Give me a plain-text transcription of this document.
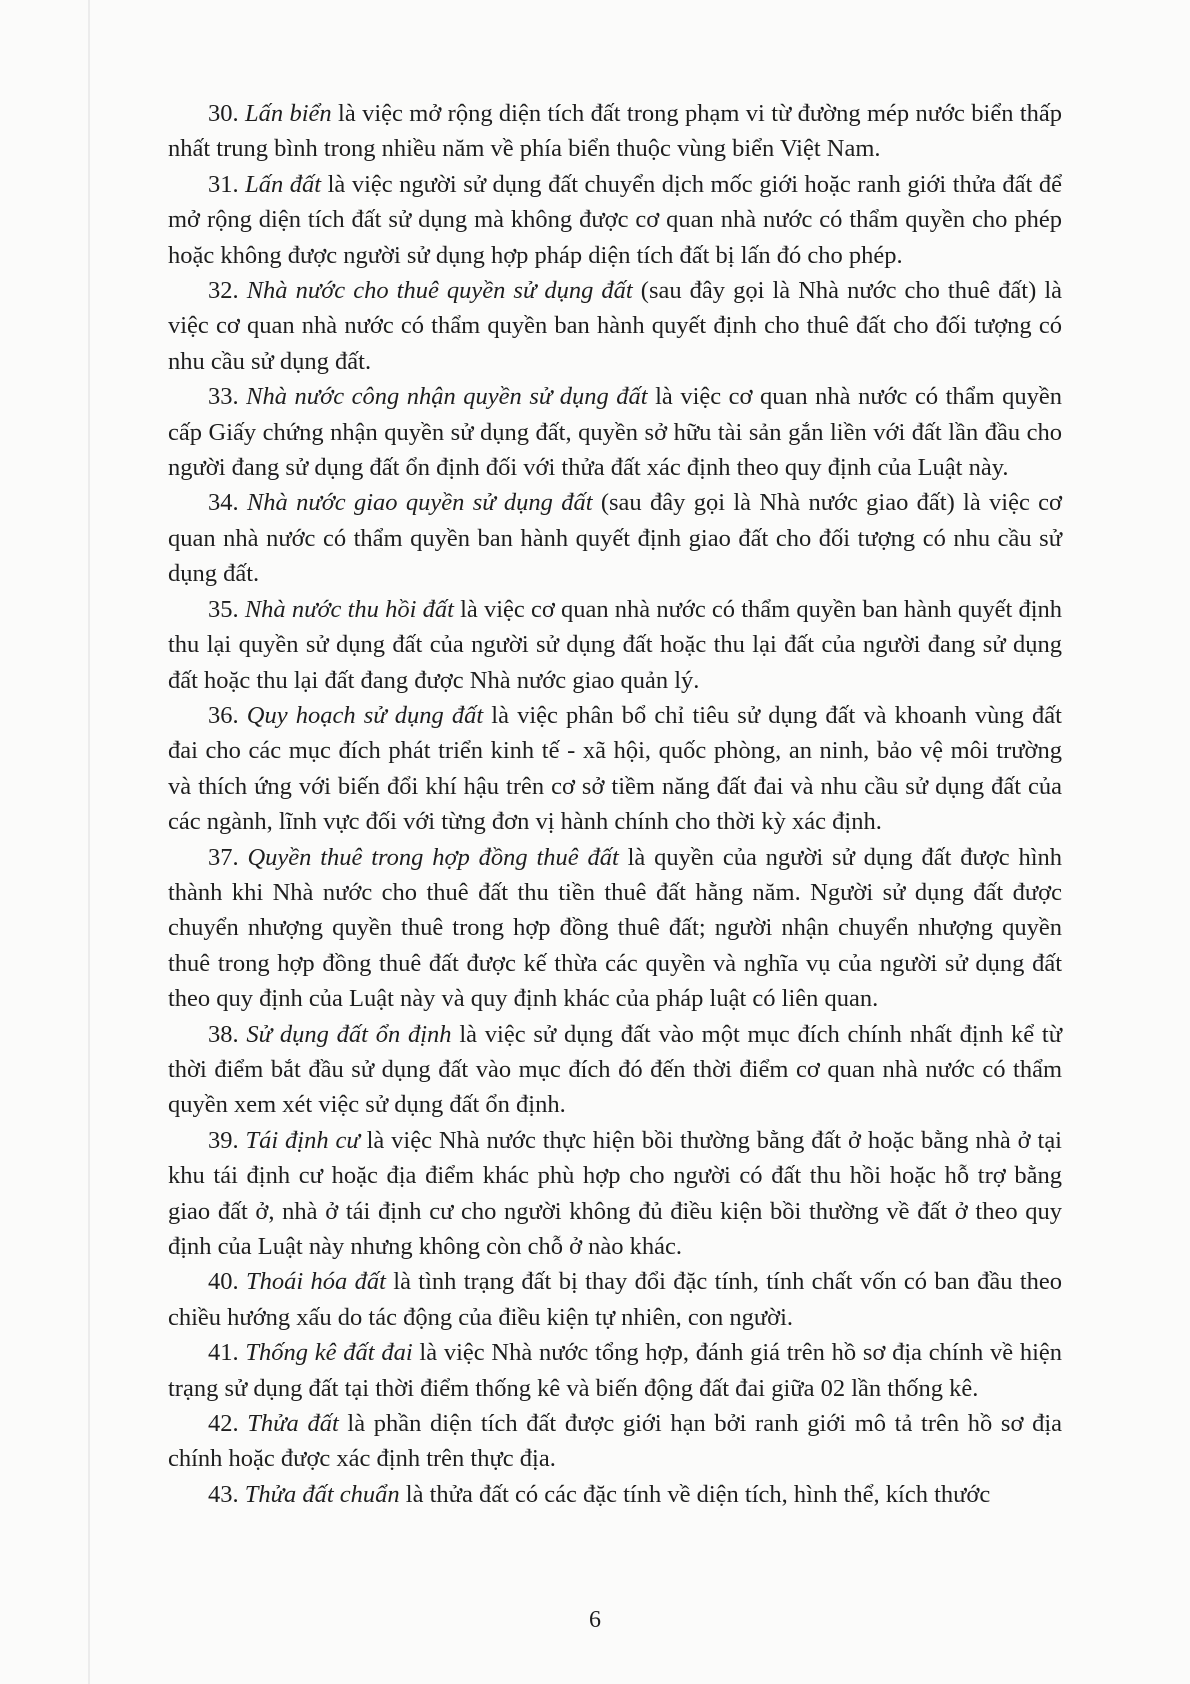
30. Lấn biển là việc mở rộng diện tích đất trong phạm vi từ đường mép nước biển thấp nhất trung bình trong nhiều năm về phía biển thuộc vùng biển Việt Nam.

31. Lấn đất là việc người sử dụng đất chuyển dịch mốc giới hoặc ranh giới thửa đất để mở rộng diện tích đất sử dụng mà không được cơ quan nhà nước có thẩm quyền cho phép hoặc không được người sử dụng hợp pháp diện tích đất bị lấn đó cho phép.

32. Nhà nước cho thuê quyền sử dụng đất (sau đây gọi là Nhà nước cho thuê đất) là việc cơ quan nhà nước có thẩm quyền ban hành quyết định cho thuê đất cho đối tượng có nhu cầu sử dụng đất.

33. Nhà nước công nhận quyền sử dụng đất là việc cơ quan nhà nước có thẩm quyền cấp Giấy chứng nhận quyền sử dụng đất, quyền sở hữu tài sản gắn liền với đất lần đầu cho người đang sử dụng đất ổn định đối với thửa đất xác định theo quy định của Luật này.

34. Nhà nước giao quyền sử dụng đất (sau đây gọi là Nhà nước giao đất) là việc cơ quan nhà nước có thẩm quyền ban hành quyết định giao đất cho đối tượng có nhu cầu sử dụng đất.

35. Nhà nước thu hồi đất là việc cơ quan nhà nước có thẩm quyền ban hành quyết định thu lại quyền sử dụng đất của người sử dụng đất hoặc thu lại đất của người đang sử dụng đất hoặc thu lại đất đang được Nhà nước giao quản lý.

36. Quy hoạch sử dụng đất là việc phân bổ chỉ tiêu sử dụng đất và khoanh vùng đất đai cho các mục đích phát triển kinh tế - xã hội, quốc phòng, an ninh, bảo vệ môi trường và thích ứng với biến đổi khí hậu trên cơ sở tiềm năng đất đai và nhu cầu sử dụng đất của các ngành, lĩnh vực đối với từng đơn vị hành chính cho thời kỳ xác định.

37. Quyền thuê trong hợp đồng thuê đất là quyền của người sử dụng đất được hình thành khi Nhà nước cho thuê đất thu tiền thuê đất hằng năm. Người sử dụng đất được chuyển nhượng quyền thuê trong hợp đồng thuê đất; người nhận chuyển nhượng quyền thuê trong hợp đồng thuê đất được kế thừa các quyền và nghĩa vụ của người sử dụng đất theo quy định của Luật này và quy định khác của pháp luật có liên quan.

38. Sử dụng đất ổn định là việc sử dụng đất vào một mục đích chính nhất định kể từ thời điểm bắt đầu sử dụng đất vào mục đích đó đến thời điểm cơ quan nhà nước có thẩm quyền xem xét việc sử dụng đất ổn định.

39. Tái định cư là việc Nhà nước thực hiện bồi thường bằng đất ở hoặc bằng nhà ở tại khu tái định cư hoặc địa điểm khác phù hợp cho người có đất thu hồi hoặc hỗ trợ bằng giao đất ở, nhà ở tái định cư cho người không đủ điều kiện bồi thường về đất ở theo quy định của Luật này nhưng không còn chỗ ở nào khác.

40. Thoái hóa đất là tình trạng đất bị thay đổi đặc tính, tính chất vốn có ban đầu theo chiều hướng xấu do tác động của điều kiện tự nhiên, con người.

41. Thống kê đất đai là việc Nhà nước tổng hợp, đánh giá trên hồ sơ địa chính về hiện trạng sử dụng đất tại thời điểm thống kê và biến động đất đai giữa 02 lần thống kê.

42. Thửa đất là phần diện tích đất được giới hạn bởi ranh giới mô tả trên hồ sơ địa chính hoặc được xác định trên thực địa.

43. Thửa đất chuẩn là thửa đất có các đặc tính về diện tích, hình thể, kích thước

6
